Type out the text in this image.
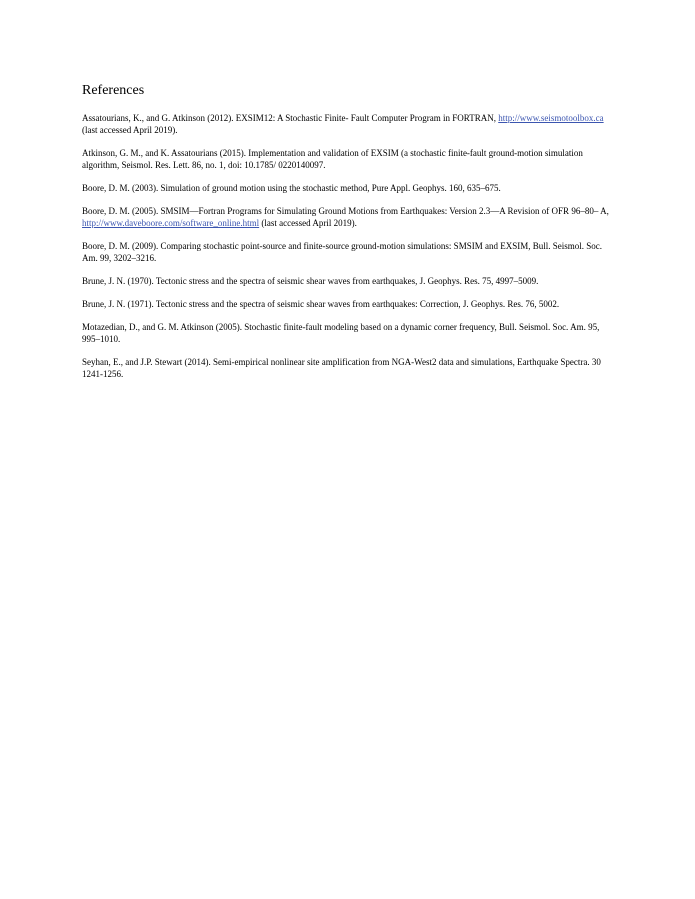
References
Assatourians, K., and G. Atkinson (2012). EXSIM12: A Stochastic Finite- Fault Computer Program in FORTRAN, http://www.seismotoolbox.ca (last accessed April 2019).
Atkinson, G. M., and K. Assatourians (2015). Implementation and validation of EXSIM (a stochastic finite-fault ground-motion simulation algorithm, Seismol. Res. Lett. 86, no. 1, doi: 10.1785/ 0220140097.
Boore, D. M. (2003). Simulation of ground motion using the stochastic method, Pure Appl. Geophys. 160, 635–675.
Boore, D. M. (2005). SMSIM—Fortran Programs for Simulating Ground Motions from Earthquakes: Version 2.3—A Revision of OFR 96–80– A, http://www.daveboore.com/software_online.html (last accessed April 2019).
Boore, D. M. (2009). Comparing stochastic point-source and finite-source ground-motion simulations: SMSIM and EXSIM, Bull. Seismol. Soc. Am. 99, 3202–3216.
Brune, J. N. (1970). Tectonic stress and the spectra of seismic shear waves from earthquakes, J. Geophys. Res. 75, 4997–5009.
Brune, J. N. (1971). Tectonic stress and the spectra of seismic shear waves from earthquakes: Correction, J. Geophys. Res. 76, 5002.
Motazedian, D., and G. M. Atkinson (2005). Stochastic finite-fault modeling based on a dynamic corner frequency, Bull. Seismol. Soc. Am. 95, 995–1010.
Seyhan, E., and J.P. Stewart (2014). Semi-empirical nonlinear site amplification from NGA-West2 data and simulations, Earthquake Spectra. 30 1241-1256.
